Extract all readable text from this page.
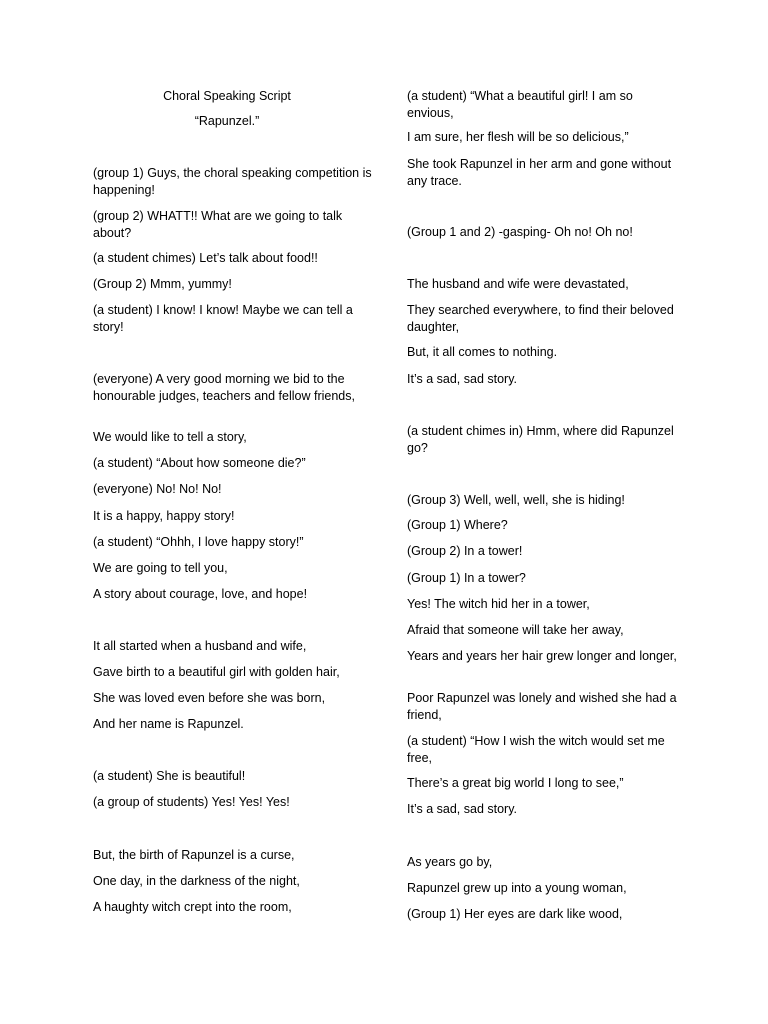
Choral Speaking Script
“Rapunzel.”

(group 1) Guys, the choral speaking competition is happening!

(group 2) WHATT!! What are we going to talk about?

(a student chimes) Let’s talk about food!!

(Group 2) Mmm, yummy!

(a student) I know! I know! Maybe we can tell a story!

(everyone) A very good morning we bid to the honourable judges, teachers and fellow friends,

We would like to tell a story,

(a student) “About how someone die?”

(everyone) No! No! No!

It is a happy, happy story!

(a student) “Ohhh, I love happy story!”

We are going to tell you,

A story about courage, love, and hope!

It all started when a husband and wife,

Gave birth to a beautiful girl with golden hair,

She was loved even before she was born,

And her name is Rapunzel.

(a student) She is beautiful!

(a group of students) Yes! Yes! Yes!

But, the birth of Rapunzel is a curse,

One day, in the darkness of the night,

A haughty witch crept into the room,

(a student) “What a beautiful girl! I am so envious,

I am sure, her flesh will be so delicious,”

She took Rapunzel in her arm and gone without any trace.

(Group 1 and 2) -gasping- Oh no! Oh no!

The husband and wife were devastated,

They searched everywhere, to find their beloved daughter,

But, it all comes to nothing.

It’s a sad, sad story.

(a student chimes in) Hmm, where did Rapunzel go?

(Group 3) Well, well, well, she is hiding!

(Group 1) Where?

(Group 2) In a tower!

(Group 1) In a tower?

Yes! The witch hid her in a tower,

Afraid that someone will take her away,

Years and years her hair grew longer and longer,

Poor Rapunzel was lonely and wished she had a friend,

(a student) “How I wish the witch would set me free,

There’s a great big world I long to see,”

It’s a sad, sad story.

As years go by,

Rapunzel grew up into a young woman,

(Group 1) Her eyes are dark like wood,
